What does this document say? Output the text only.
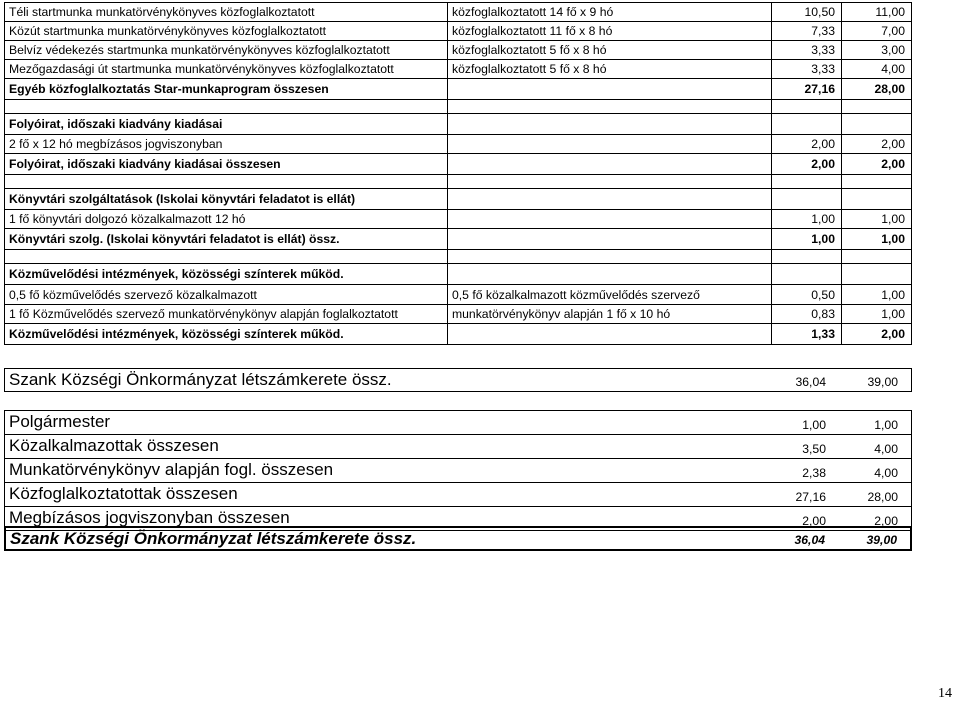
Téli startmunka munkatörvénykönyves közfoglalkoztatott	közfoglalkoztatott 14 fő x 9 hó	10,50	11,00
Közút startmunka munkatörvénykönyves közfoglalkoztatott	közfoglalkoztatott 11 fő x 8 hó	7,33	7,00
Belvíz védekezés startmunka munkatörvénykönyves közfoglalkoztatott	közfoglalkoztatott 5 fő x 8 hó	3,33	3,00
Mezőgazdasági út startmunka munkatörvénykönyves közfoglalkoztatott	közfoglalkoztatott 5 fő x 8 hó	3,33	4,00
Egyéb közfoglalkoztatás Star-munkaprogram összesen	27,16	28,00
Folyóirat, időszaki kiadvány kiadásai
2 fő x 12 hó megbízásos jogviszonyban	2,00	2,00
Folyóirat, időszaki kiadvány kiadásai összesen	2,00	2,00
Könyvtári szolgáltatások (Iskolai könyvtári feladatot is ellát)
1 fő könyvtári dolgozó közalkalmazott 12 hó	1,00	1,00
Könyvtári szolg. (Iskolai könyvtári feladatot is ellát) össz.	1,00	1,00
Közművelődési intézmények, közösségi színterek működ.
0,5 fő közművelődés szervező közalkalmazott	0,5 fő közalkalmazott közművelődés szervező	0,50	1,00
1 fő Közművelődés szervező munkatörvénykönyv alapján foglalkoztatott	munkatörvénykönyv alapján 1 fő x 10 hó	0,83	1,00
Közművelődési intézmények, közösségi színterek működ.	1,33	2,00
Szank Községi Önkormányzat létszámkerete össz.	36,04	39,00
Polgármester	1,00	1,00
Közalkalmazottak összesen	3,50	4,00
Munkatörvénykönyv alapján fogl. összesen	2,38	4,00
Közfoglalkoztatottak összesen	27,16	28,00
Megbízásos jogviszonyban összesen	2,00	2,00
Szank Községi Önkormányzat létszámkerete össz.	36,04	39,00
14
